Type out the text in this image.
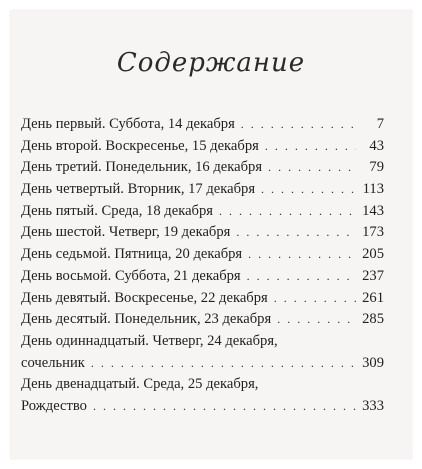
Содержание
День первый. Суббота, 14 декабря . . .	7
День второй. Воскресенье, 15 декабря . . .	43
День третий. Понедельник, 16 декабря . . .	79
День четвертый. Вторник, 17 декабря . . .	113
День пятый. Среда, 18 декабря . . .	143
День шестой. Четверг, 19 декабря . . .	173
День седьмой. Пятница, 20 декабря . . .	205
День восьмой. Суббота, 21 декабря . . .	237
День девятый. Воскресенье, 22 декабря . . .	261
День десятый. Понедельник, 23 декабря . . .	285
День одиннадцатый. Четверг, 24 декабря,
сочельник . . .	309
День двенадцатый. Среда, 25 декабря,
Рождество . . .	333
